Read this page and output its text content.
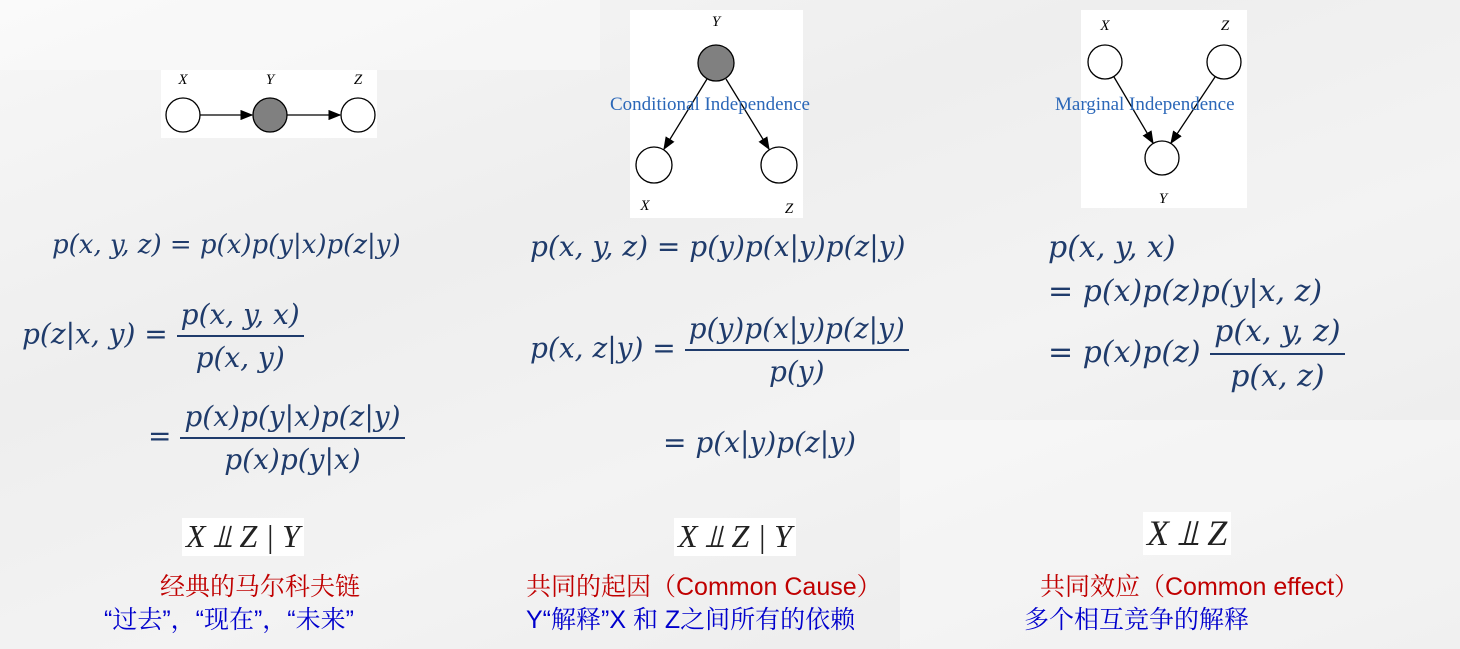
X	Y	Z
p(x, y, z) = p(x)p(y|x)p(z|y)
p(z|x, $y) = \frac{p(x, y, x)}{p(x, y)}$
= $\frac{p(x)p(y|x)p(z|y)}{p(x)p(y|x)}$
X ⫫ Z | Y
经典的马尔科夫链
“过去”，“现在”，“未来”
Y
X	Z
Conditional Independence
p(x, y, z) = p(y)p(x|y)p(z|y)
p(x, $z|y) = \frac{p(y)p(x|y)p(z|y)}{p(y)}$
= p(x|y)p(z|y)
X ⫫ Z | Y
共同的起因（Common Cause）
Y“解释”X 和 Z之间所有的依赖
X	Z
Y
Marginal Independence
p(x, y, x)
= p(x)p(z)p(y|x, z)
= $p(x)p(z) \frac{p(x, y, z)}{p(x, z)}$
X ⫫ Z
共同效应（Common effect）
多个相互竞争的解释
